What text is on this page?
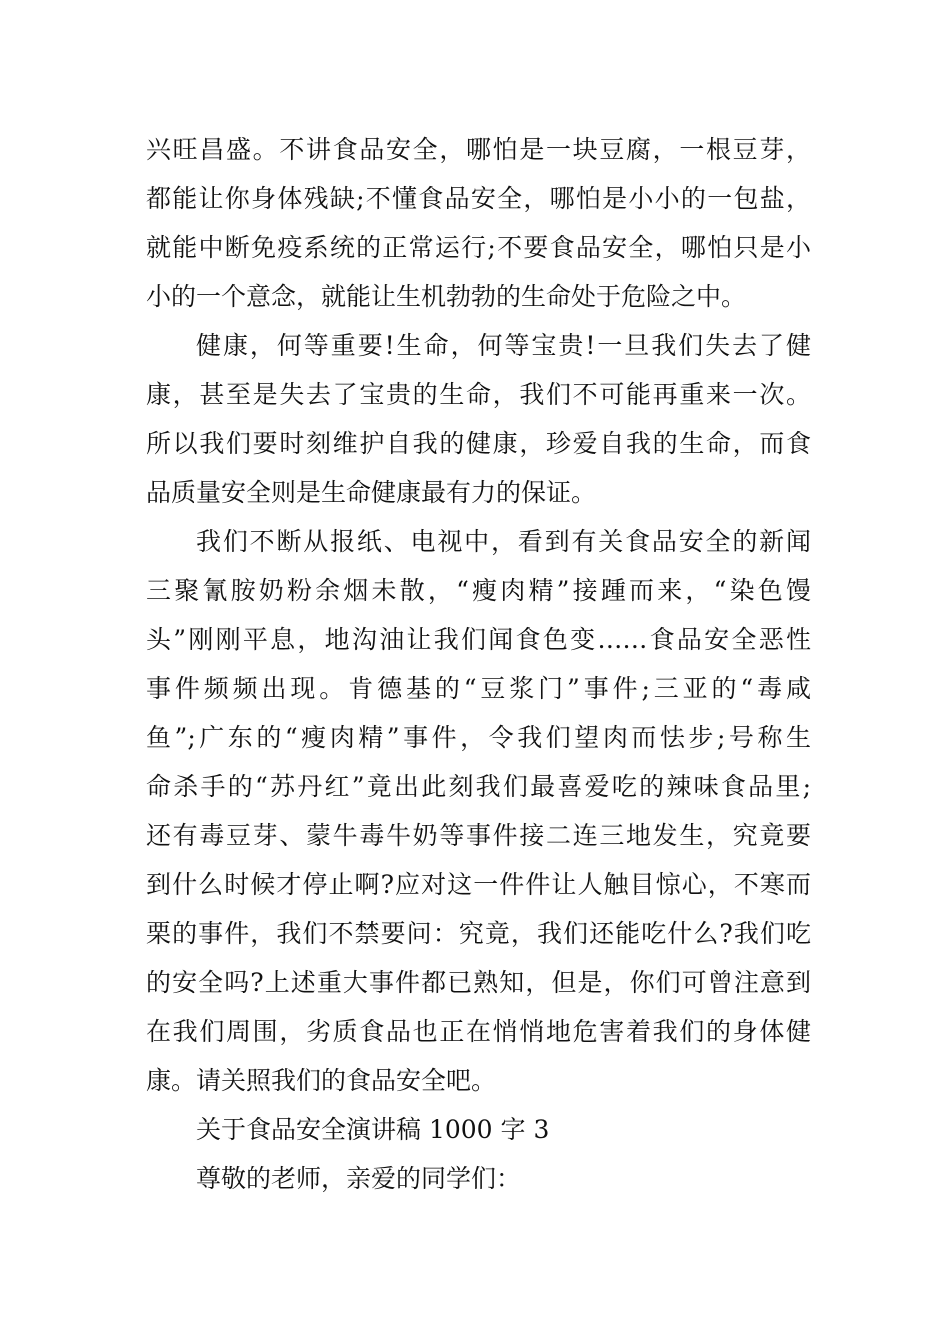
兴旺昌盛。不讲食品安全，哪怕是一块豆腐，一根豆芽，
都能让你身体残缺;不懂食品安全，哪怕是小小的一包盐，
就能中断免疫系统的正常运行;不要食品安全，哪怕只是小
小的一个意念，就能让生机勃勃的生命处于危险之中。
健康，何等重要!生命，何等宝贵!一旦我们失去了健
康，甚至是失去了宝贵的生命，我们不可能再重来一次。
所以我们要时刻维护自我的健康，珍爱自我的生命，而食
品质量安全则是生命健康最有力的保证。
我们不断从报纸、电视中，看到有关食品安全的新闻
三聚氰胺奶粉余烟未散，“瘦肉精”接踵而来，“染色馒
头”刚刚平息，地沟油让我们闻食色变……食品安全恶性
事件频频出现。肯德基的“豆浆门”事件;三亚的“毒咸
鱼”;广东的“瘦肉精”事件，令我们望肉而怯步;号称生
命杀手的“苏丹红”竟出此刻我们最喜爱吃的辣味食品里;
还有毒豆芽、蒙牛毒牛奶等事件接二连三地发生，究竟要
到什么时候才停止啊?应对这一件件让人触目惊心，不寒而
栗的事件，我们不禁要问：究竟，我们还能吃什么?我们吃
的安全吗?上述重大事件都已熟知，但是，你们可曾注意到
在我们周围，劣质食品也正在悄悄地危害着我们的身体健
康。请关照我们的食品安全吧。
关于食品安全演讲稿 1000 字 3
尊敬的老师，亲爱的同学们：
